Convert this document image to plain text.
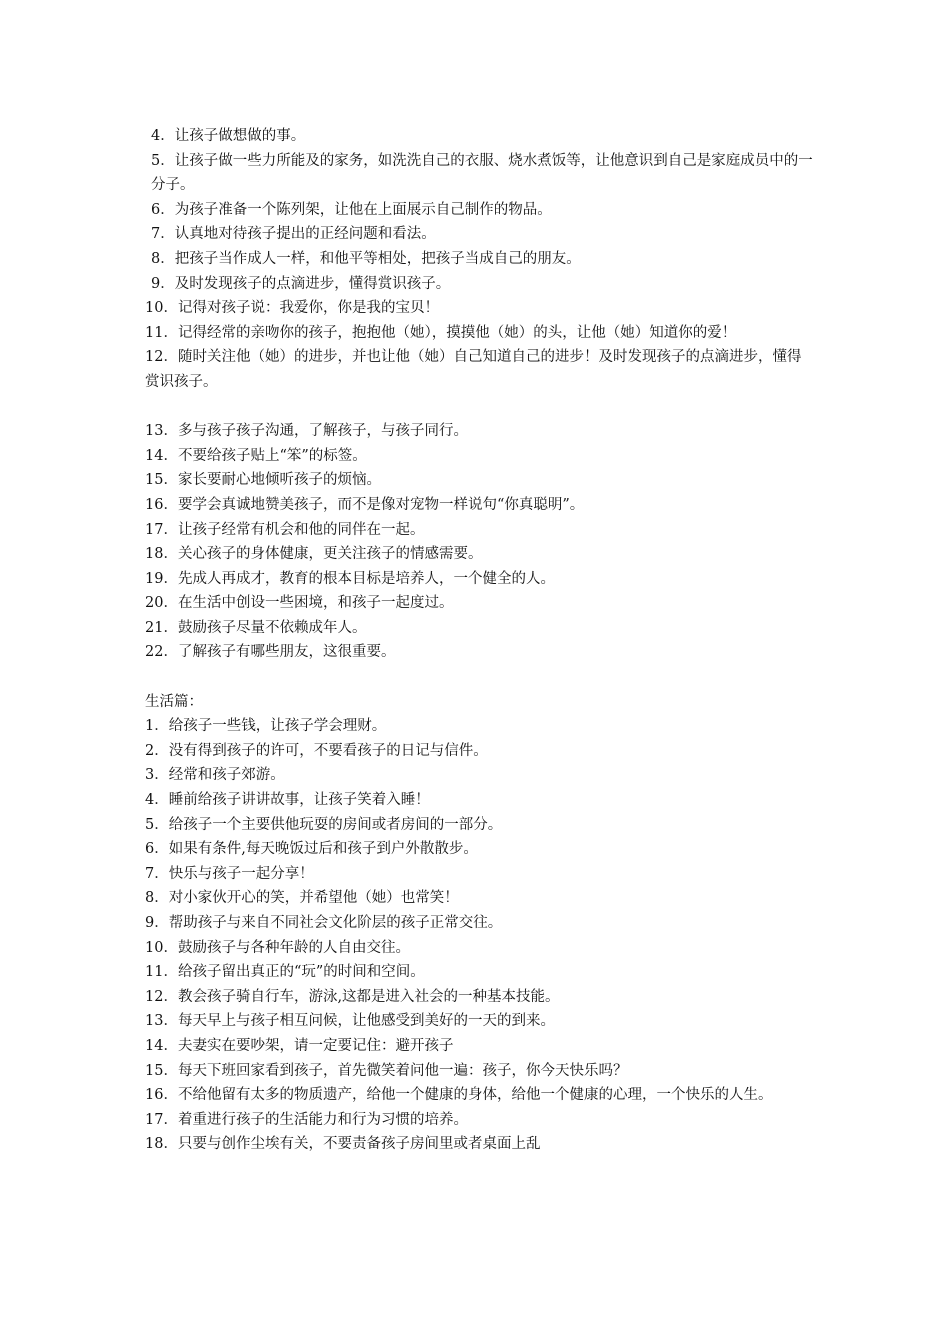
4．让孩子做想做的事。

5．让孩子做一些力所能及的家务，如洗洗自己的衣服、烧水煮饭等，让他意识到自己是家庭成员中的一分子。

6．为孩子准备一个陈列架，让他在上面展示自己制作的物品。

7．认真地对待孩子提出的正经问题和看法。

8．把孩子当作成人一样，和他平等相处，把孩子当成自己的朋友。

9．及时发现孩子的点滴进步，懂得赏识孩子。

10．记得对孩子说：我爱你，你是我的宝贝！

11．记得经常的亲吻你的孩子，抱抱他（她），摸摸他（她）的头，让他（她）知道你的爱！

12．随时关注他（她）的进步，并也让他（她）自己知道自己的进步！及时发现孩子的点滴进步，懂得赏识孩子。

13．多与孩子孩子沟通，了解孩子，与孩子同行。

14．不要给孩子贴上“笨”的标签。

15．家长要耐心地倾听孩子的烦恼。

16．要学会真诚地赞美孩子，而不是像对宠物一样说句“你真聪明”。

17．让孩子经常有机会和他的同伴在一起。

18．关心孩子的身体健康，更关注孩子的情感需要。

19．先成人再成才，教育的根本目标是培养人，一个健全的人。

20．在生活中创设一些困境，和孩子一起度过。

21．鼓励孩子尽量不依赖成年人。

22．了解孩子有哪些朋友，这很重要。

生活篇：

1．给孩子一些钱，让孩子学会理财。

2．没有得到孩子的许可，不要看孩子的日记与信件。

3．经常和孩子郊游。

4．睡前给孩子讲讲故事，让孩子笑着入睡！

5．给孩子一个主要供他玩耍的房间或者房间的一部分。

6．如果有条件,每天晚饭过后和孩子到户外散散步。

7．快乐与孩子一起分享！

8．对小家伙开心的笑，并希望他（她）也常笑！

9．帮助孩子与来自不同社会文化阶层的孩子正常交往。

10．鼓励孩子与各种年龄的人自由交往。

11．给孩子留出真正的“玩”的时间和空间。

12．教会孩子骑自行车，游泳,这都是进入社会的一种基本技能。

13．每天早上与孩子相互问候，让他感受到美好的一天的到来。

14．夫妻实在要吵架，请一定要记住：避开孩子

15．每天下班回家看到孩子，首先微笑着问他一遍：孩子，你今天快乐吗？

16．不给他留有太多的物质遗产，给他一个健康的身体，给他一个健康的心理，一个快乐的人生。

17．着重进行孩子的生活能力和行为习惯的培养。

18．只要与创作尘埃有关，不要责备孩子房间里或者桌面上乱
